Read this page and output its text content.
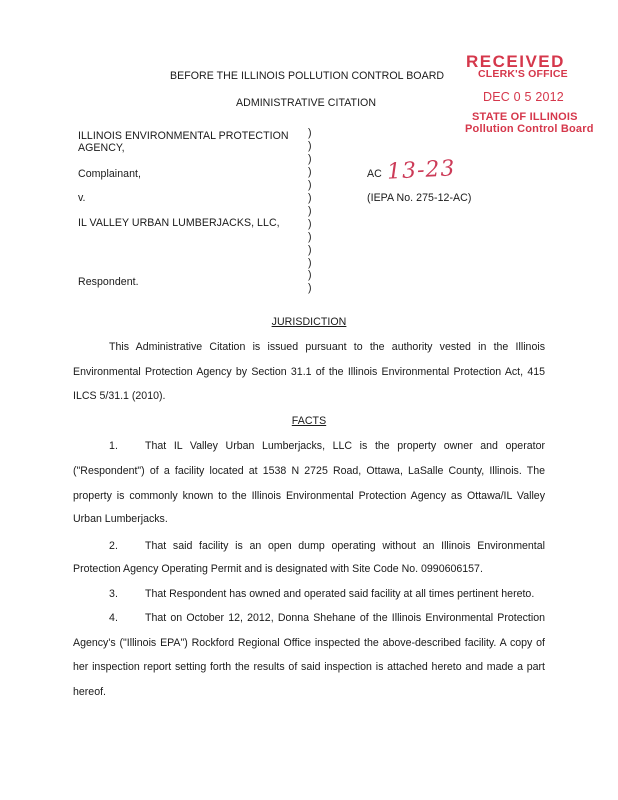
RECEIVED
CLERK'S OFFICE
DEC 0 5 2012
STATE OF ILLINOIS
Pollution Control Board
BEFORE THE ILLINOIS POLLUTION CONTROL BOARD
ADMINISTRATIVE CITATION
ILLINOIS ENVIRONMENTAL PROTECTION
AGENCY,
Complainant,
v.
IL VALLEY URBAN LUMBERJACKS, LLC,
Respondent.
)
)
)
)
)
)
)
)
)
)
)
)
)
AC 13-23
(IEPA No. 275-12-AC)
JURISDICTION
This Administrative Citation is issued pursuant to the authority vested in the Illinois
Environmental Protection Agency by Section 31.1 of the Illinois Environmental Protection Act, 415
ILCS 5/31.1 (2010).
FACTS
1.	That IL Valley Urban Lumberjacks, LLC is the property owner and operator
("Respondent") of a facility located at 1538 N 2725 Road, Ottawa, LaSalle County, Illinois. The
property is commonly known to the Illinois Environmental Protection Agency as Ottawa/IL Valley
Urban Lumberjacks.
2.	That said facility is an open dump operating without an Illinois Environmental
Protection Agency Operating Permit and is designated with Site Code No. 0990606157.
3.	That Respondent has owned and operated said facility at all times pertinent hereto.
4.	That on October 12, 2012, Donna Shehane of the Illinois Environmental Protection
Agency's ("Illinois EPA") Rockford Regional Office inspected the above-described facility. A copy of
her inspection report setting forth the results of said inspection is attached hereto and made a part
hereof.
